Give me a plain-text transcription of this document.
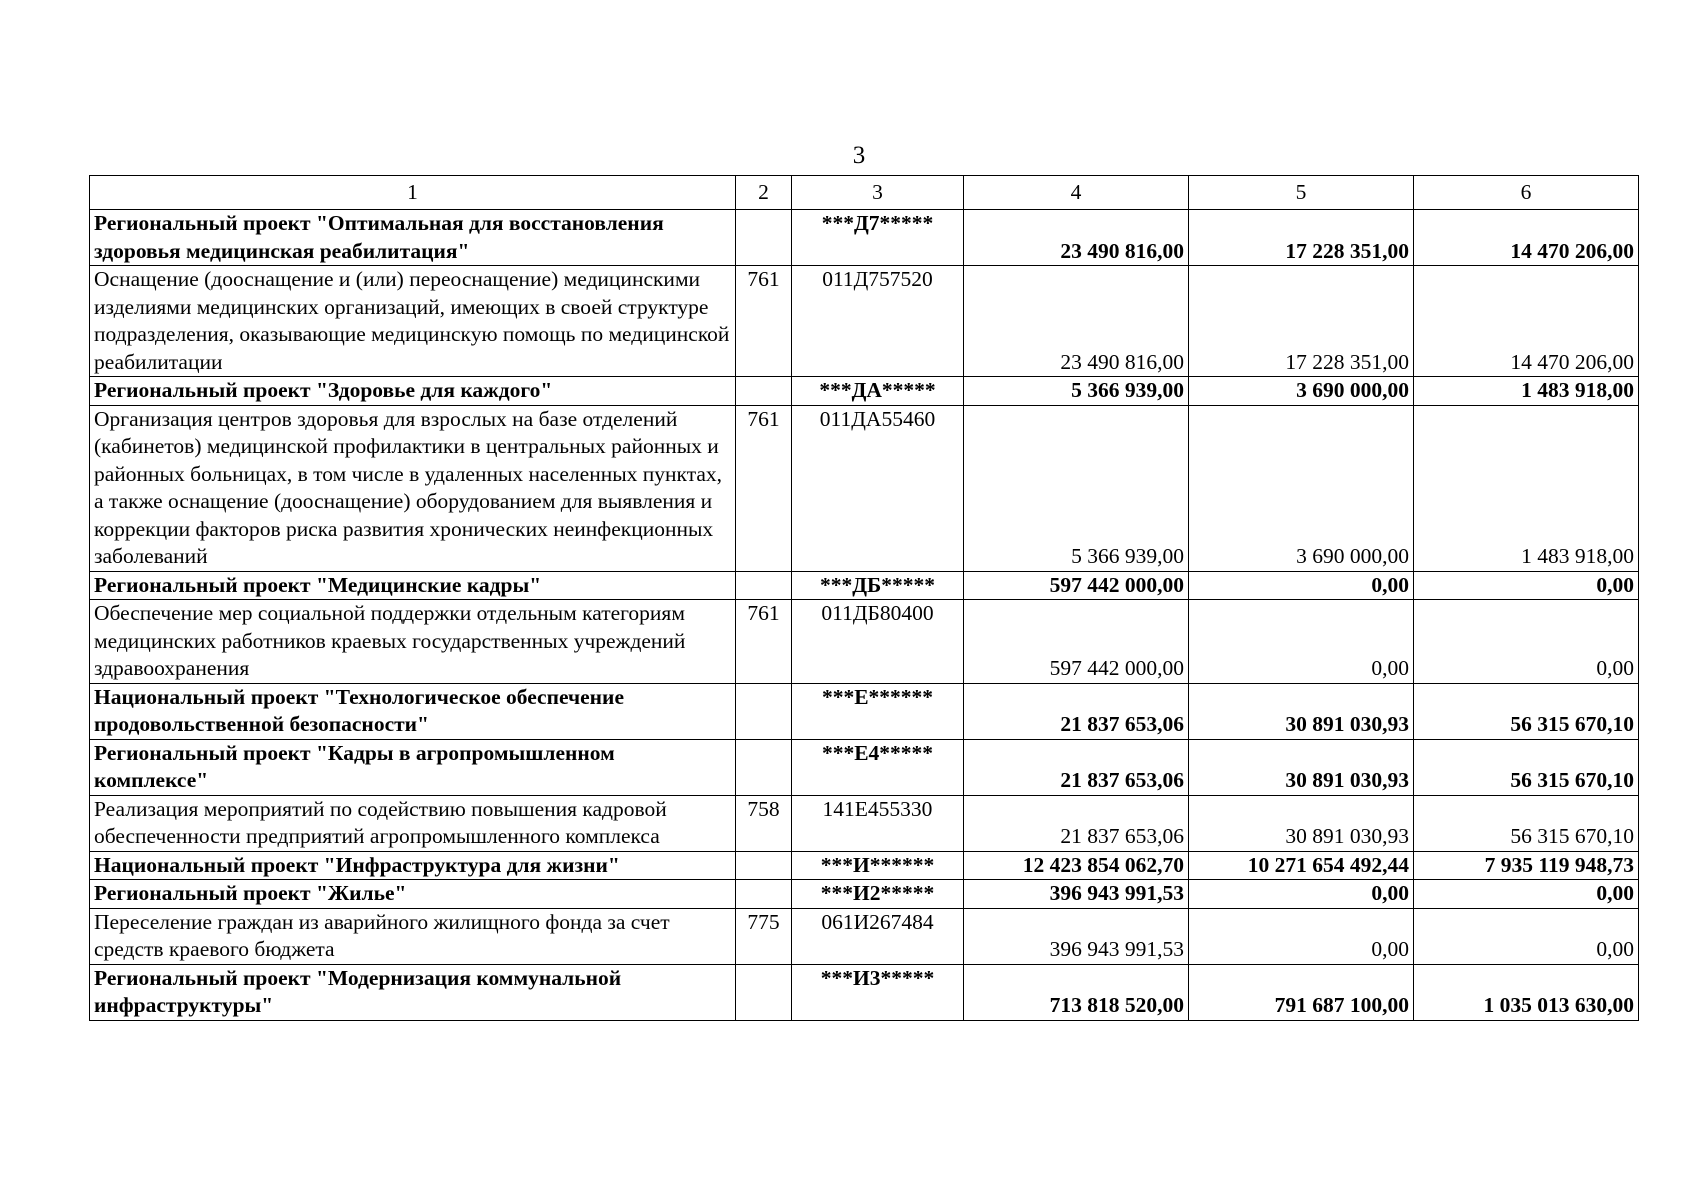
3
1	2	3	4	5	6
Региональный проект "Оптимальная для восстановления здоровья медицинская реабилитация"		***Д7*****	23 490 816,00	17 228 351,00	14 470 206,00
Оснащение (дооснащение и (или) переоснащение) медицинскими изделиями медицинских организаций, имеющих в своей структуре подразделения, оказывающие медицинскую помощь по медицинской реабилитации	761	011Д757520	23 490 816,00	17 228 351,00	14 470 206,00
Региональный проект "Здоровье для каждого"		***ДА*****	5 366 939,00	3 690 000,00	1 483 918,00
Организация центров здоровья для взрослых на базе отделений (кабинетов) медицинской профилактики в центральных районных и районных больницах, в том числе в удаленных населенных пунктах, а также оснащение (дооснащение) оборудованием для выявления и коррекции факторов риска развития хронических неинфекционных заболеваний	761	011ДА55460	5 366 939,00	3 690 000,00	1 483 918,00
Региональный проект "Медицинские кадры"		***ДБ*****	597 442 000,00	0,00	0,00
Обеспечение мер социальной поддержки отдельным категориям медицинских работников краевых государственных учреждений здравоохранения	761	011ДБ80400	597 442 000,00	0,00	0,00
Национальный проект "Технологическое обеспечение продовольственной безопасности"		***Е******	21 837 653,06	30 891 030,93	56 315 670,10
Региональный проект "Кадры в агропромышленном комплексе"		***Е4*****	21 837 653,06	30 891 030,93	56 315 670,10
Реализация мероприятий по содействию повышения кадровой обеспеченности предприятий агропромышленного комплекса	758	141Е455330	21 837 653,06	30 891 030,93	56 315 670,10
Национальный проект "Инфраструктура для жизни"		***И******	12 423 854 062,70	10 271 654 492,44	7 935 119 948,73
Региональный проект "Жилье"		***И2*****	396 943 991,53	0,00	0,00
Переселение граждан из аварийного жилищного фонда за счет средств краевого бюджета	775	061И267484	396 943 991,53	0,00	0,00
Региональный проект "Модернизация коммунальной инфраструктуры"		***И3*****	713 818 520,00	791 687 100,00	1 035 013 630,00
